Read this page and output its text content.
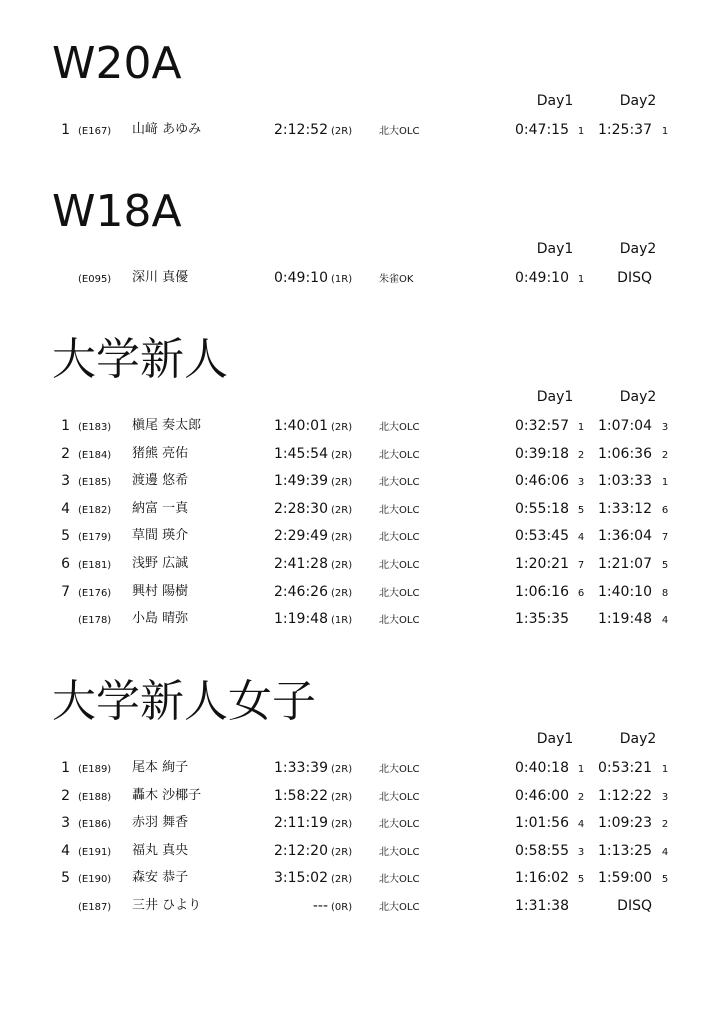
W20A
Day1	Day2
1 (E167) 山﨑 あゆみ	2:12:52 (2R)	北大OLC	0:47:15 1 1:25:37 1
W18A
Day1	Day2
(E095) 深川 真優	0:49:10 (1R)	朱雀OK	0:49:10 1 DISQ
大学新人
Day1	Day2
1 (E183) 槇尾 奏太郎	1:40:01 (2R)	北大OLC	0:32:57 1 1:07:04 3
2 (E184) 猪熊 亮佑	1:45:54 (2R)	北大OLC	0:39:18 2 1:06:36 2
3 (E185) 渡邊 悠希	1:49:39 (2R)	北大OLC	0:46:06 3 1:03:33 1
4 (E182) 納富 一真	2:28:30 (2R)	北大OLC	0:55:18 5 1:33:12 6
5 (E179) 草間 瑛介	2:29:49 (2R)	北大OLC	0:53:45 4 1:36:04 7
6 (E181) 浅野 広誠	2:41:28 (2R)	北大OLC	1:20:21 7 1:21:07 5
7 (E176) 興村 陽樹	2:46:26 (2R)	北大OLC	1:06:16 6 1:40:10 8
(E178) 小島 晴弥	1:19:48 (1R)	北大OLC	1:35:35 1:19:48 4
大学新人女子
Day1	Day2
1 (E189) 尾本 絢子	1:33:39 (2R)	北大OLC	0:40:18 1 0:53:21 1
2 (E188) 轟木 沙椰子	1:58:22 (2R)	北大OLC	0:46:00 2 1:12:22 3
3 (E186) 赤羽 舞香	2:11:19 (2R)	北大OLC	1:01:56 4 1:09:23 2
4 (E191) 福丸 真央	2:12:20 (2R)	北大OLC	0:58:55 3 1:13:25 4
5 (E190) 森安 恭子	3:15:02 (2R)	北大OLC	1:16:02 5 1:59:00 5
(E187) 三井 ひより	--- (0R)	北大OLC	1:31:38	DISQ
